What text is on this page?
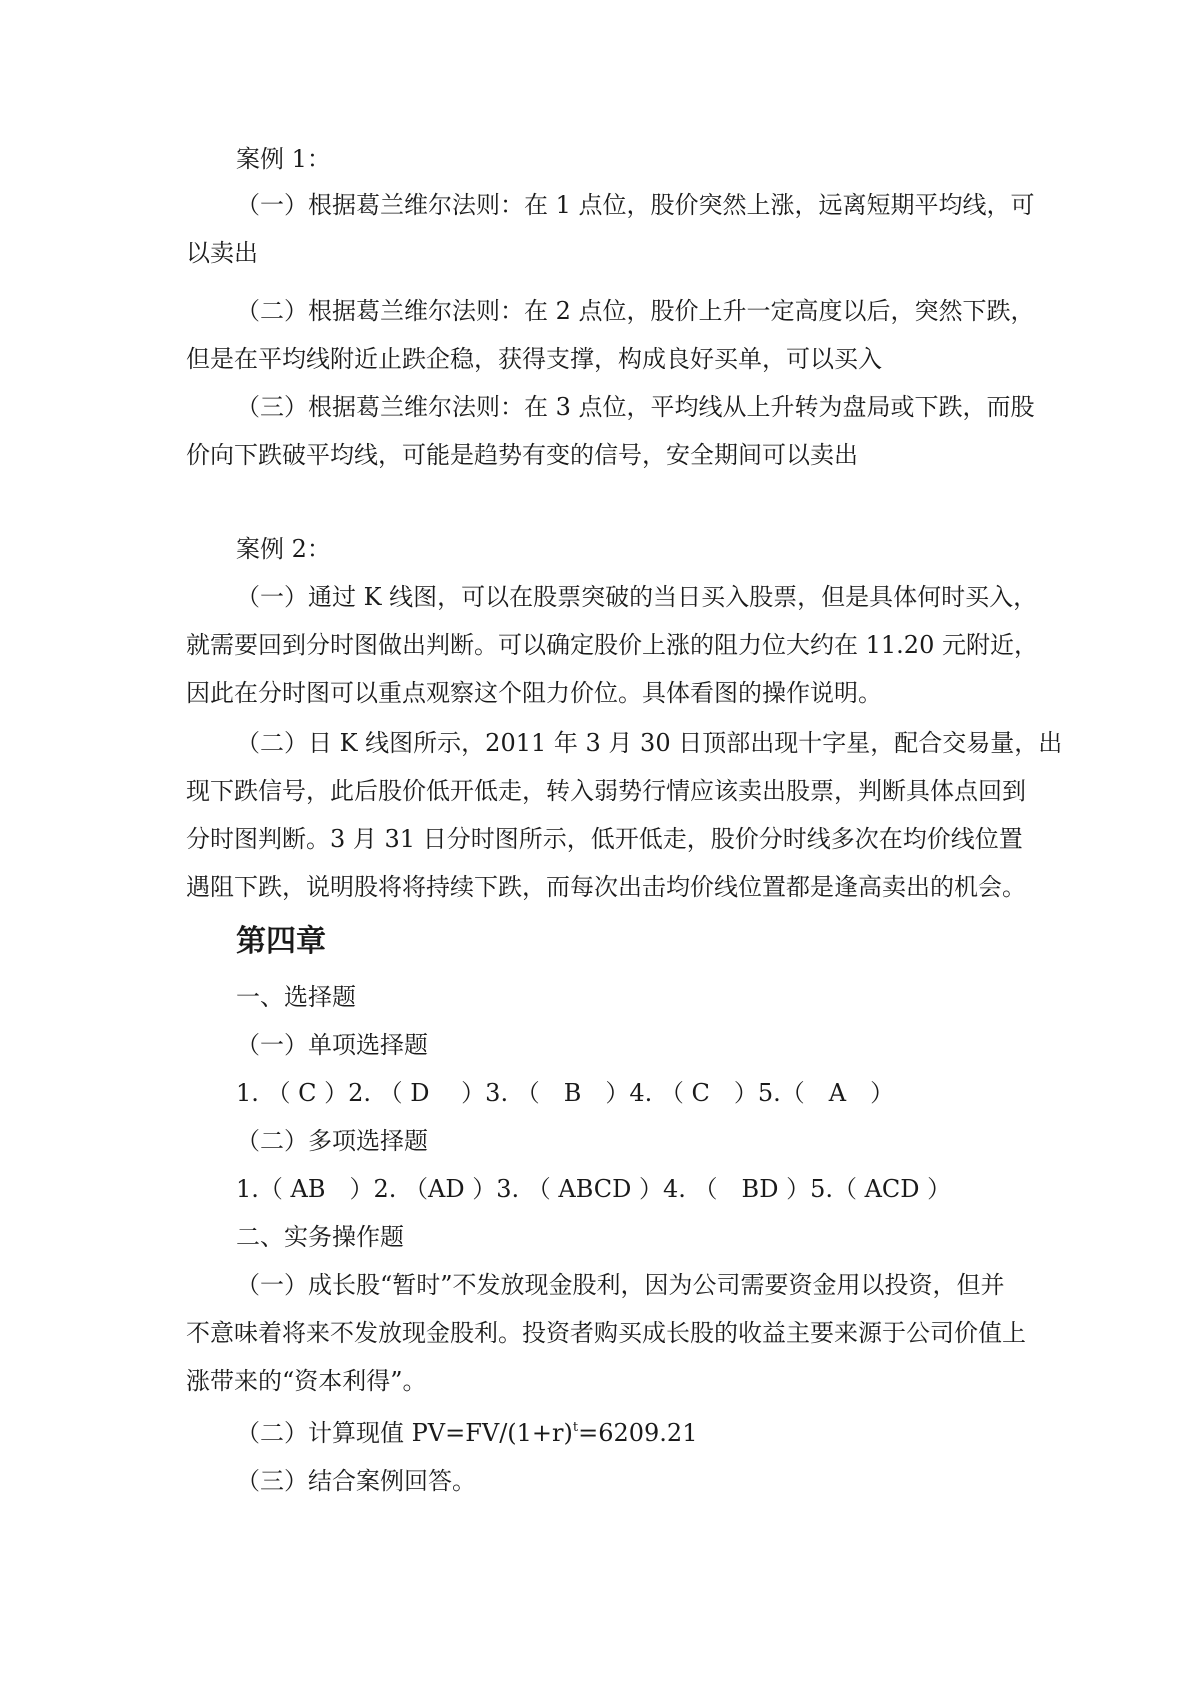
案例 1：
（一）根据葛兰维尔法则：在 1 点位，股价突然上涨，远离短期平均线，可
以卖出
（二）根据葛兰维尔法则：在 2 点位，股价上升一定高度以后，突然下跌，
但是在平均线附近止跌企稳，获得支撑，构成良好买单，可以买入
（三）根据葛兰维尔法则：在 3 点位，平均线从上升转为盘局或下跌，而股
价向下跌破平均线，可能是趋势有变的信号，安全期间可以卖出
案例 2：
（一）通过 K 线图，可以在股票突破的当日买入股票，但是具体何时买入，
就需要回到分时图做出判断。可以确定股价上涨的阻力位大约在 11.20 元附近，
因此在分时图可以重点观察这个阻力价位。具体看图的操作说明。
（二）日 K 线图所示，2011 年 3 月 30 日顶部出现十字星，配合交易量，出
现下跌信号，此后股价低开低走，转入弱势行情应该卖出股票，判断具体点回到
分时图判断。3 月 31 日分时图所示，低开低走，股价分时线多次在均价线位置
遇阻下跌，说明股将将持续下跌，而每次出击均价线位置都是逢高卖出的机会。
第四章
一、选择题
（一）单项选择题
1. （ C ）2. （ D　 ）3. （　B　）4. （ C　）5.（　A　）
（二）多项选择题
1.（ AB　）2. （AD ）3. （ ABCD ）4. （　BD ）5.（ ACD ）
二、实务操作题
（一）成长股“暂时”不发放现金股利，因为公司需要资金用以投资，但并
不意味着将来不发放现金股利。投资者购买成长股的收益主要来源于公司价值上
涨带来的“资本利得”。
（二）计算现值 $PV=FV/(1+r)^t=6209.21$
（三）结合案例回答。
